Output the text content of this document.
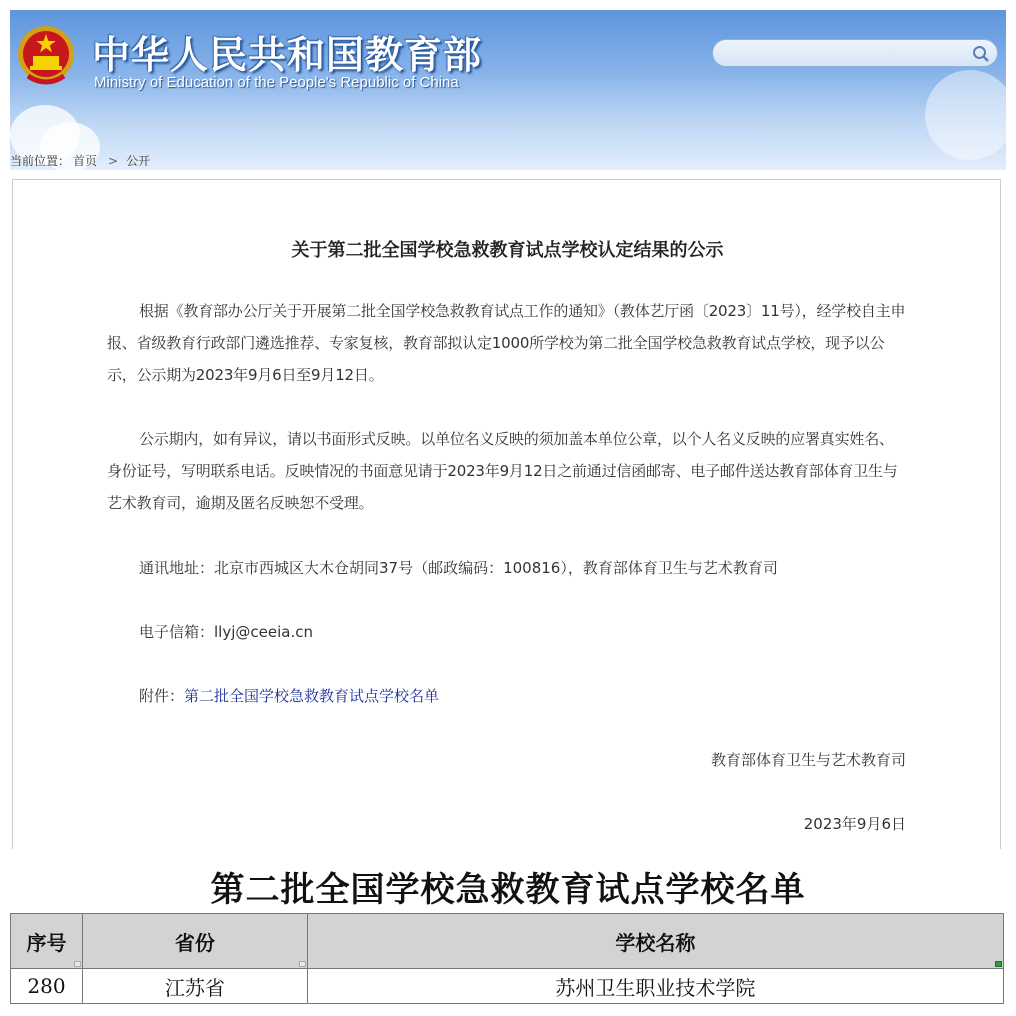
中华人民共和国教育部

Ministry of Education of the People's Republic of China

当前位置： 首页 > 公开
关于第二批全国学校急救教育试点学校认定结果的公示

根据《教育部办公厅关于开展第二批全国学校急救教育试点工作的通知》（教体艺厅函〔2023〕11号），经学校自主申报、省级教育行政部门遴选推荐、专家复核，教育部拟认定1000所学校为第二批全国学校急救教育试点学校，现予以公示，公示期为2023年9月6日至9月12日。

公示期内，如有异议，请以书面形式反映。以单位名义反映的须加盖本单位公章，以个人名义反映的应署真实姓名、身份证号，写明联系电话。反映情况的书面意见请于2023年9月12日之前通过信函邮寄、电子邮件送达教育部体育卫生与艺术教育司，逾期及匿名反映恕不受理。

通讯地址：北京市西城区大木仓胡同37号（邮政编码：100816），教育部体育卫生与艺术教育司

电子信箱：llyj@ceeia.cn

附件：第二批全国学校急救教育试点学校名单

教育部体育卫生与艺术教育司

2023年9月6日

第二批全国学校急救教育试点学校名单
序号	省份	学校名称

280	江苏省	苏州卫生职业技术学院
